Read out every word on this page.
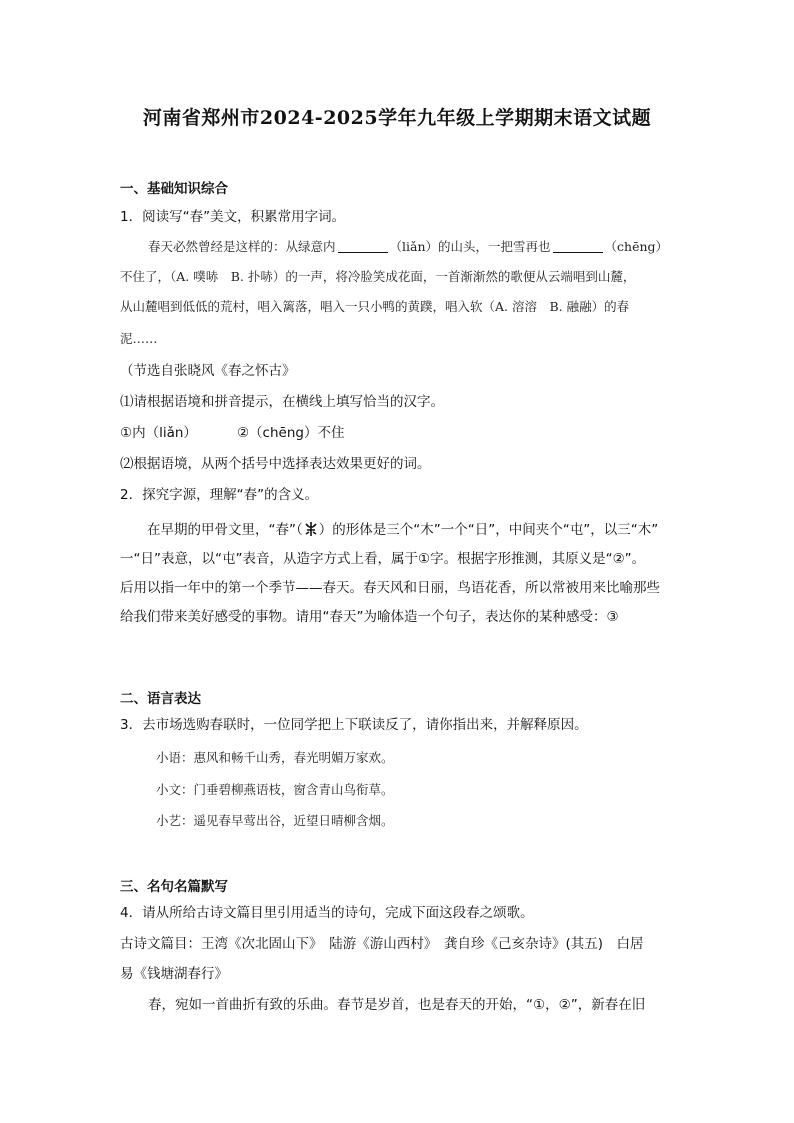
河南省郑州市2024-2025学年九年级上学期期末语文试题
一、基础知识综合
1．阅读写“春”美文，积累常用字词。
春天必然曾经是这样的：从绿意内	（liǎn）的山头，一把雪再也	（chēng）
不住了，（A. 噗哧　B. 扑哧）的一声，将冷脸笑成花面，一首渐渐然的歌便从云端唱到山麓，
从山麓唱到低低的荒村，唱入篱落，唱入一只小鸭的黄蹼，唱入软（A. 溶溶　B. 融融）的春
泥……
（节选自张晓风《春之怀古》
⑴请根据语境和拼音提示，在横线上填写恰当的汉字。
①内（liǎn）	②（chēng）不住
⑵根据语境，从两个括号中选择表达效果更好的词。
2．探究字源，理解“春”的含义。
在早期的甲骨文里，“春”（ ）的形体是三个“木”一个“日”，中间夹个“屯”，以三“木”
一“日”表意，以“屯”表音，从造字方式上看，属于①字。根据字形推测，其原义是“②”。
后用以指一年中的第一个季节——春天。春天风和日丽，鸟语花香，所以常被用来比喻那些
给我们带来美好感受的事物。请用“春天”为喻体造一个句子，表达你的某种感受：③
二、语言表达
3．去市场选购春联时，一位同学把上下联读反了，请你指出来，并解释原因。
小语：惠风和畅千山秀，春光明媚万家欢。
小文：门垂碧柳燕语枝，窗含青山鸟衔草。
小艺：遥见春早莺出谷，近望日晴柳含烟。
三、名句名篇默写
4．请从所给古诗文篇目里引用适当的诗句，完成下面这段春之颂歌。
古诗文篇目：王湾《次北固山下》　陆游《游山西村》　龚自珍《己亥杂诗》(其五)　白居
易《钱塘湖春行》
春，宛如一首曲折有致的乐曲。春节是岁首，也是春天的开始，“①，②”，新春在旧
